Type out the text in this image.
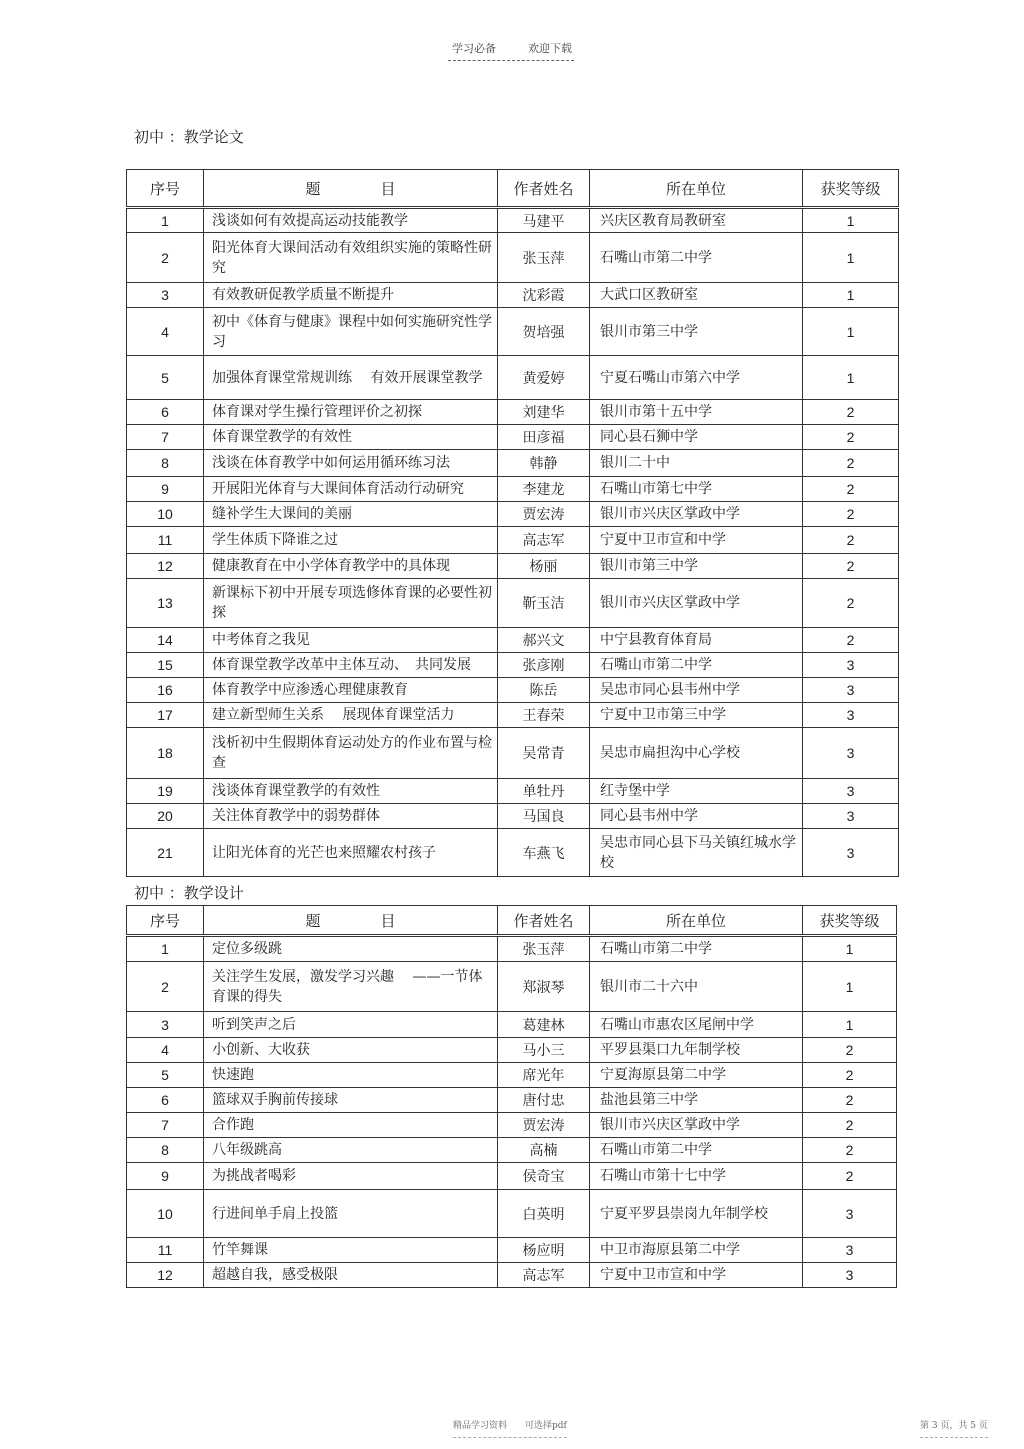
学习必备	欢迎下载
初中 ：教学论文
序号	题　　　　目	作者姓名	所在单位	获奖等级
1	浅谈如何有效提高运动技能教学	马建平	兴庆区教育局教研室	1
2	阳光体育大课间活动有效组织实施的策略性研究	张玉萍	石嘴山市第二中学	1
3	有效教研促教学质量不断提升	沈彩霞	大武口区教研室	1
4	初中《体育与健康》课程中如何实施研究性学习	贺培强	银川市第三中学	1
5	加强体育课堂常规训练　 有效开展课堂教学	黄爱婷	宁夏石嘴山市第六中学	1
6	体育课对学生操行管理评价之初探	刘建华	银川市第十五中学	2
7	体育课堂教学的有效性	田彦福	同心县石狮中学	2
8	浅谈在体育教学中如何运用循环练习法	韩静	银川二十中	2
9	开展阳光体育与大课间体育活动行动研究	李建龙	石嘴山市第七中学	2
10	缝补学生大课间的美丽	贾宏涛	银川市兴庆区掌政中学	2
11	学生体质下降谁之过	高志军	宁夏中卫市宣和中学	2
12	健康教育在中小学体育教学中的具体现	杨丽	银川市第三中学	2
13	新课标下初中开展专项选修体育课的必要性初探	靳玉洁	银川市兴庆区掌政中学	2
14	中考体育之我见	郝兴文	中宁县教育体育局	2
15	体育课堂教学改革中主体互动、　共同发展	张彦刚	石嘴山市第二中学	3
16	体育教学中应渗透心理健康教育	陈岳	吴忠市同心县韦州中学	3
17	建立新型师生关系　 展现体育课堂活力	王春荣	宁夏中卫市第三中学	3
18	浅析初中生假期体育运动处方的作业布置与检查	吴常青	吴忠市扁担沟中心学校	3
19	浅谈体育课堂教学的有效性	单牡丹	红寺堡中学	3
20	关注体育教学中的弱势群体	马国良	同心县韦州中学	3
21	让阳光体育的光芒也来照耀农村孩子	车燕飞	吴忠市同心县下马关镇红城水学校	3
初中 ：教学设计
序号	题　　　　目	作者姓名	所在单位	获奖等级
1	定位多级跳	张玉萍	石嘴山市第二中学	1
2	关注学生发展，激发学习兴趣　 ——一节体育课的得失	郑淑琴	银川市二十六中	1
3	听到笑声之后	葛建林	石嘴山市惠农区尾闸中学	1
4	小创新、大收获	马小三	平罗县渠口九年制学校	2
5	快速跑	席光年	宁夏海原县第二中学	2
6	篮球双手胸前传接球	唐付忠	盐池县第三中学	2
7	合作跑	贾宏涛	银川市兴庆区掌政中学	2
8	八年级跳高	高楠	石嘴山市第二中学	2
9	为挑战者喝彩	侯奇宝	石嘴山市第十七中学	2
10	行进间单手肩上投篮	白英明	宁夏平罗县崇岗九年制学校	3
11	竹竿舞课	杨应明	中卫市海原县第二中学	3
12	超越自我，感受极限	高志军	宁夏中卫市宣和中学	3
精品学习资料　　可选择pdf	第 3 页，共 5 页
